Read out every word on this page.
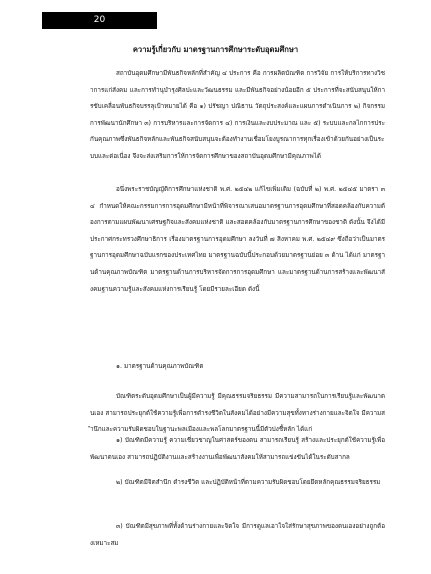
20
ความรู้เกี่ยวกับ มาตรฐานการศึกษาระดับอุดมศึกษา
สถาบันอุดมศึกษามีพันธกิจหลักที่สำคัญ ๔ ประการ คือ การผลิตบัณฑิต การวิจัย การให้บริการทางวิชาการแก่สังคม และการทำนุบำรุงศิลปะและวัฒนธรรม และมีพันธกิจอย่างน้อยอีก ๕ ประการที่จะสนับสนุนให้การขับเคลื่อนพันธกิจบรรลุเป้าหมายได้ คือ ๑) ปรัชญา ปณิธาน วัตถุประสงค์และแผนการดำเนินการ ๒) กิจกรรมการพัฒนานักศึกษา ๓) การบริหารและการจัดการ ๔) การเงินและงบประมาณ และ ๕) ระบบและกลไกการประกันคุณภาพซึ่งพันธกิจหลักและพันธกิจสนับสนุนจะต้องทำงานเชื่อมโยงบูรณาการทุกเรื่องเข้าด้วยกันอย่างเป็นระบบและต่อเนื่อง จึงจะส่งเสริมการให้การจัดการศึกษาของสถาบันอุดมศึกษามีคุณภาพได้
อนึ่งพระราชบัญญัติการศึกษาแห่งชาติ พ.ศ. ๒๕๔๒ แก้ไขเพิ่มเติม (ฉบับที่ ๒) พ.ศ. ๒๕๔๕ มาตรา ๓๔ กำหนดให้คณะกรรมการการอุดมศึกษามีหน้าที่พิจารณาเสนอมาตรฐานการอุดมศึกษาที่สอดคล้องกับความต้องการตามแผนพัฒนาเศรษฐกิจและสังคมแห่งชาติ และสอดคล้องกับมาตรฐานการศึกษาของชาติ ดังนั้น จึงได้มีประกาศกระทรวงศึกษาธิการ เรื่องมาตรฐานการอุดมศึกษา ลงวันที่ ๗ สิงหาคม พ.ศ. ๒๕๔๙ ซึ่งถือว่าเป็นมาตรฐานการอุดมศึกษาฉบับแรกของประเทศไทย มาตรฐานฉบับนี้ประกอบด้วยมาตรฐานย่อย ๓ ด้าน ได้แก่ มาตรฐานด้านคุณภาพบัณฑิต มาตรฐานด้านการบริหารจัดการการอุดมศึกษา และมาตรฐานด้านการสร้างและพัฒนาสังคมฐานความรู้และสังคมแห่งการเรียนรู้ โดยมีรายละเอียด ดังนี้
๑. มาตรฐานด้านคุณภาพบัณฑิต
บัณฑิตระดับอุดมศึกษาเป็นผู้มีความรู้ มีคุณธรรมจริยธรรม มีความสามารถในการเรียนรู้และพัฒนาตนเอง สามารถประยุกต์ใช้ความรู้เพื่อการดำรงชีวิตในสังคมได้อย่างมีความสุขทั้งทางร่างกายและจิตใจ มีความสำนึกและความรับผิดชอบในฐานะพลเมืองและพลโลกมาตรฐานนี้มีตัวบ่งชี้หลัก ได้แก่
๑) บัณฑิตมีความรู้ ความเชี่ยวชาญในศาสตร์ของตน สามารถเรียนรู้ สร้างและประยุกต์ใช้ความรู้เพื่อพัฒนาตนเอง สามารถปฏิบัติงานและสร้างงานเพื่อพัฒนาสังคมให้สามารถแข่งขันได้ในระดับสากล
๒) บัณฑิตมีจิตสำนึก ดำรงชีวิต และปฏิบัติหน้าที่ตามความรับผิดชอบโดยยึดหลักคุณธรรมจริยธรรม
๓) บัณฑิตมีสุขภาพที่ทั้งด้านร่างกายและจิตใจ มีการดูแลเอาใจใส่รักษาสุขภาพของตนเองอย่างถูกต้องเหมาะสม
